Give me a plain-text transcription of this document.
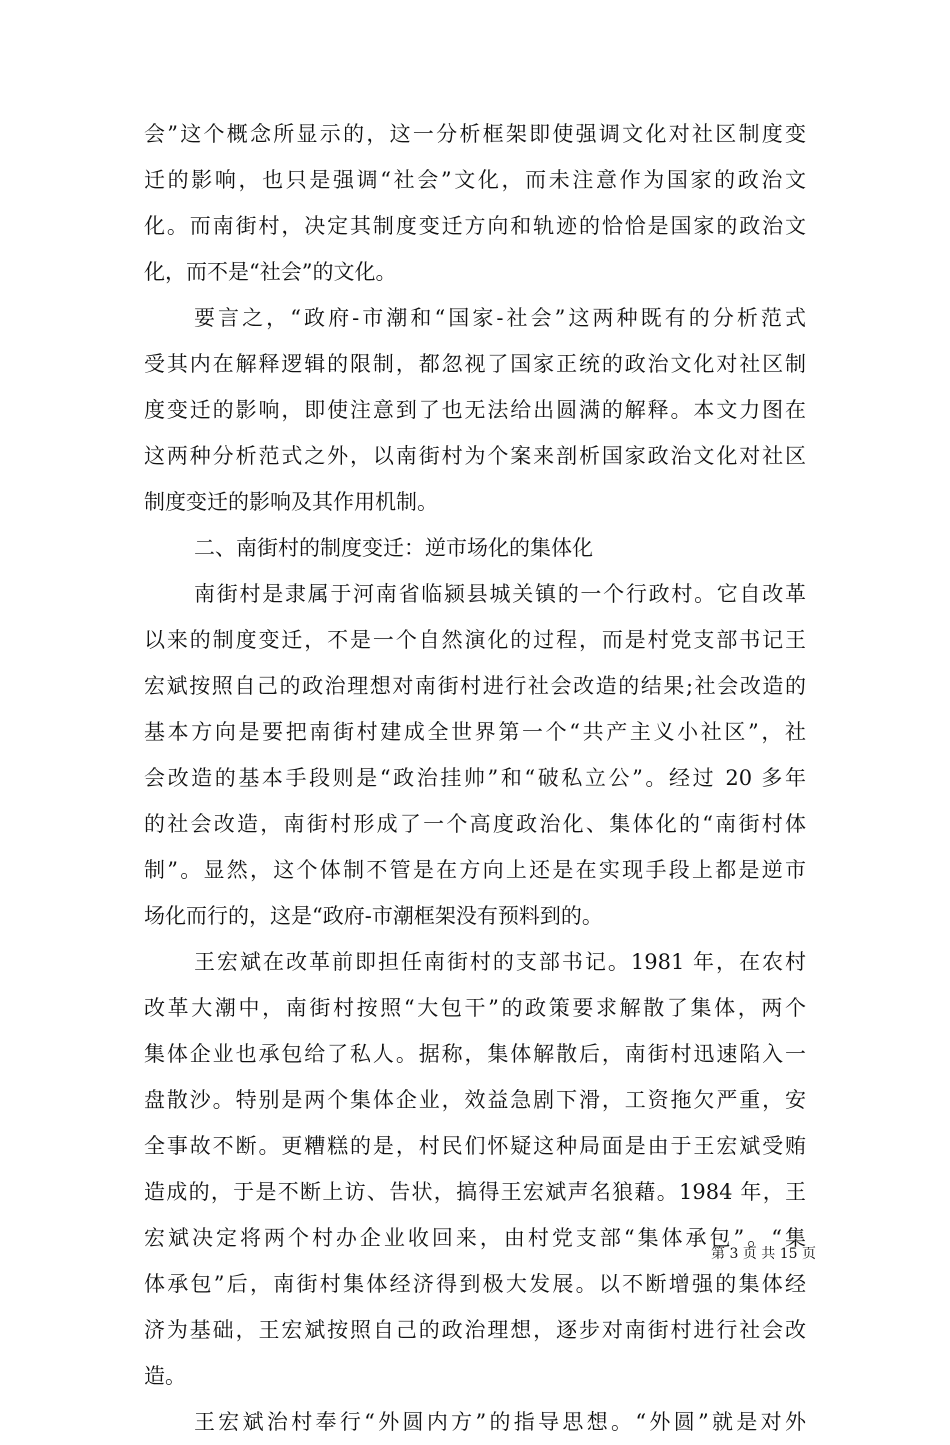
会”这个概念所显示的，这一分析框架即使强调文化对社区制度变
迁的影响，也只是强调“社会”文化，而未注意作为国家的政治文
化。而南街村，决定其制度变迁方向和轨迹的恰恰是国家的政治文
化，而不是“社会”的文化。
要言之，“政府-市潮和“国家-社会”这两种既有的分析范式
受其内在解释逻辑的限制，都忽视了国家正统的政治文化对社区制
度变迁的影响，即使注意到了也无法给出圆满的解释。本文力图在
这两种分析范式之外，以南街村为个案来剖析国家政治文化对社区
制度变迁的影响及其作用机制。
二、南街村的制度变迁：逆市场化的集体化
南街村是隶属于河南省临颍县城关镇的一个行政村。它自改革
以来的制度变迁，不是一个自然演化的过程，而是村党支部书记王
宏斌按照自己的政治理想对南街村进行社会改造的结果;社会改造的
基本方向是要把南街村建成全世界第一个“共产主义小社区”，社
会改造的基本手段则是“政治挂帅”和“破私立公”。经过 20 多年
的社会改造，南街村形成了一个高度政治化、集体化的“南街村体
制”。显然，这个体制不管是在方向上还是在实现手段上都是逆市
场化而行的，这是“政府-市潮框架没有预料到的。
王宏斌在改革前即担任南街村的支部书记。1981 年，在农村
改革大潮中，南街村按照“大包干”的政策要求解散了集体，两个
集体企业也承包给了私人。据称，集体解散后，南街村迅速陷入一
盘散沙。特别是两个集体企业，效益急剧下滑，工资拖欠严重，安
全事故不断。更糟糕的是，村民们怀疑这种局面是由于王宏斌受贿
造成的，于是不断上访、告状，搞得王宏斌声名狼藉。1984 年，王
宏斌决定将两个村办企业收回来，由村党支部“集体承包”。“集
体承包”后，南街村集体经济得到极大发展。以不断增强的集体经
济为基础，王宏斌按照自己的政治理想，逐步对南街村进行社会改
造。
王宏斌治村奉行“外圆内方”的指导思想。“外圆”就是对外
第 3 页 共 15 页
